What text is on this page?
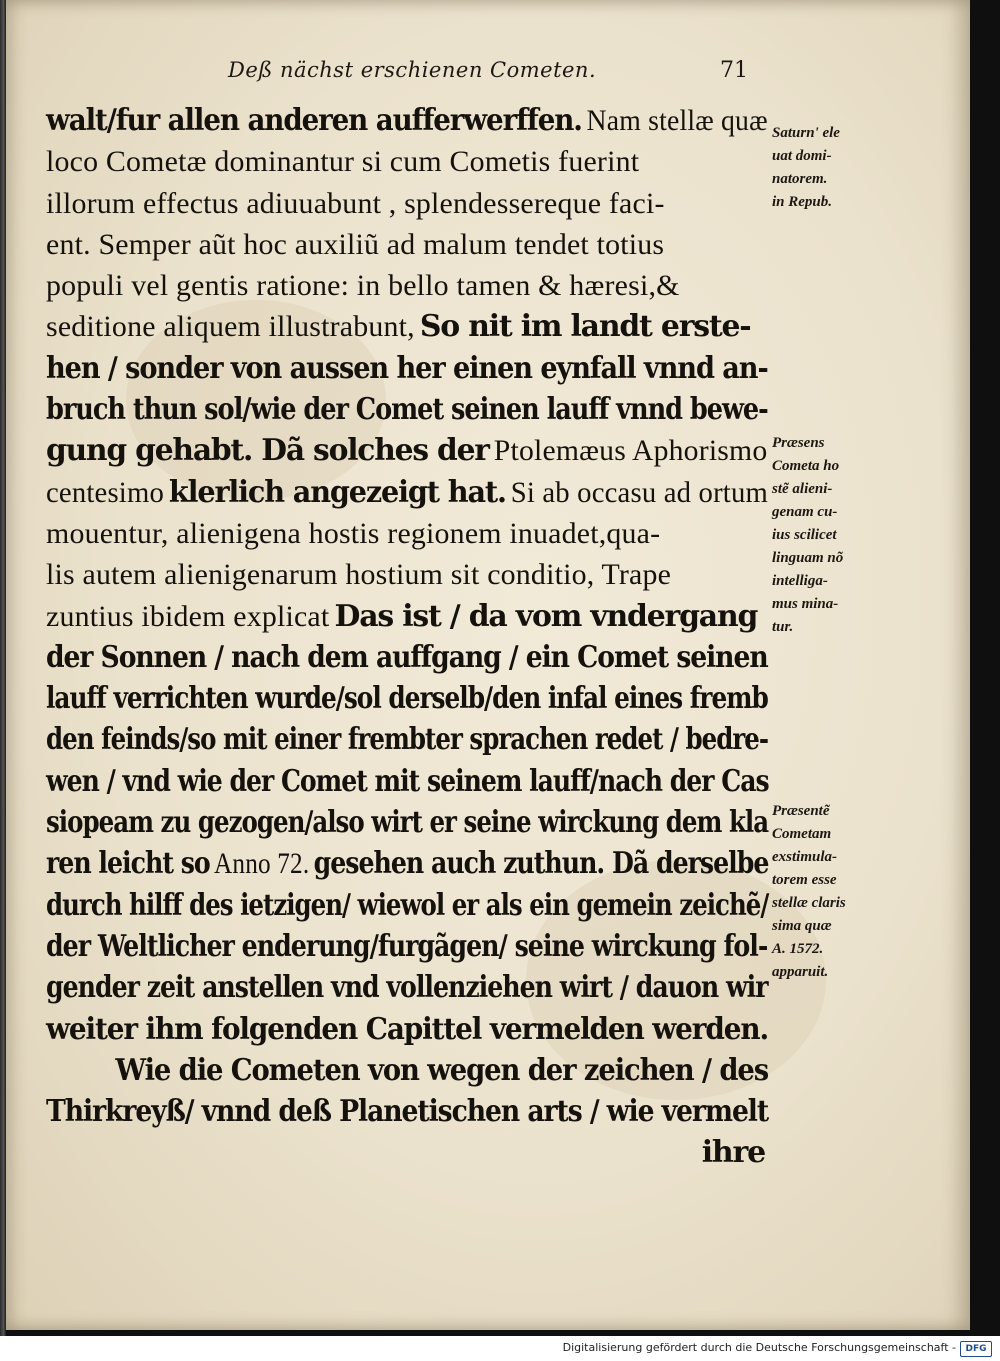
Deß nächst erschienen Cometen.	71
walt/fur allen anderen aufferwerffen. Nam stellæ quæ
loco Cometæ dominantur si cum Cometis fuerint
illorum effectus adiuuabunt , splendessereque faci-
ent. Semper aũt hoc auxiliũ ad malum tendet totius
populi vel gentis ratione: in bello tamen & hæresi,&
seditione aliquem illustrabunt, So nit im landt erste-
hen / sonder von aussen her einen eynfall vnnd an-
bruch thun sol/wie der Comet seinen lauff vnnd bewe-
gung gehabt. Dã solches der Ptolemæus Aphorismo
centesimo klerlich angezeigt hat. Si ab occasu ad ortum
mouentur, alienigena hostis regionem inuadet,qua-
lis autem alienigenarum hostium sit conditio, Trape
zuntius ibidem explicat Das ist / da vom vndergang
der Sonnen / nach dem auffgang / ein Comet seinen
lauff verrichten wurde/sol derselb/den infal eines fremb
den feinds/so mit einer frembter sprachen redet / bedre-
wen / vnd wie der Comet mit seinem lauff/nach der Cas
siopeam zu gezogen/also wirt er seine wirckung dem kla
ren leicht so Anno 72. gesehen auch zuthun. Dã derselbe
durch hilff des ietzigen/ wiewol er als ein gemein zeichẽ/
der Weltlicher enderung/furgãgen/ seine wirckung fol-
gender zeit anstellen vnd vollenziehen wirt / dauon wir
weiter ihm folgenden Capittel vermelden werden.
Wie die Cometen von wegen der zeichen / des
Thirkreyß/ vnnd deß Planetischen arts / wie vermelt
ihre
Saturn' ele
uat domi-
natorem.
in Repub.
Præsens
Cometa ho
stẽ alieni-
genam cu-
ius scilicet
linguam nõ
intelliga-
mus mina-
tur.
Præsentẽ
Cometam
exstimula-
torem esse
stellæ claris
sima quæ
A. 1572.
apparuit.
Digitalisierung gefördert durch die Deutsche Forschungsgemeinschaft -	DFG
